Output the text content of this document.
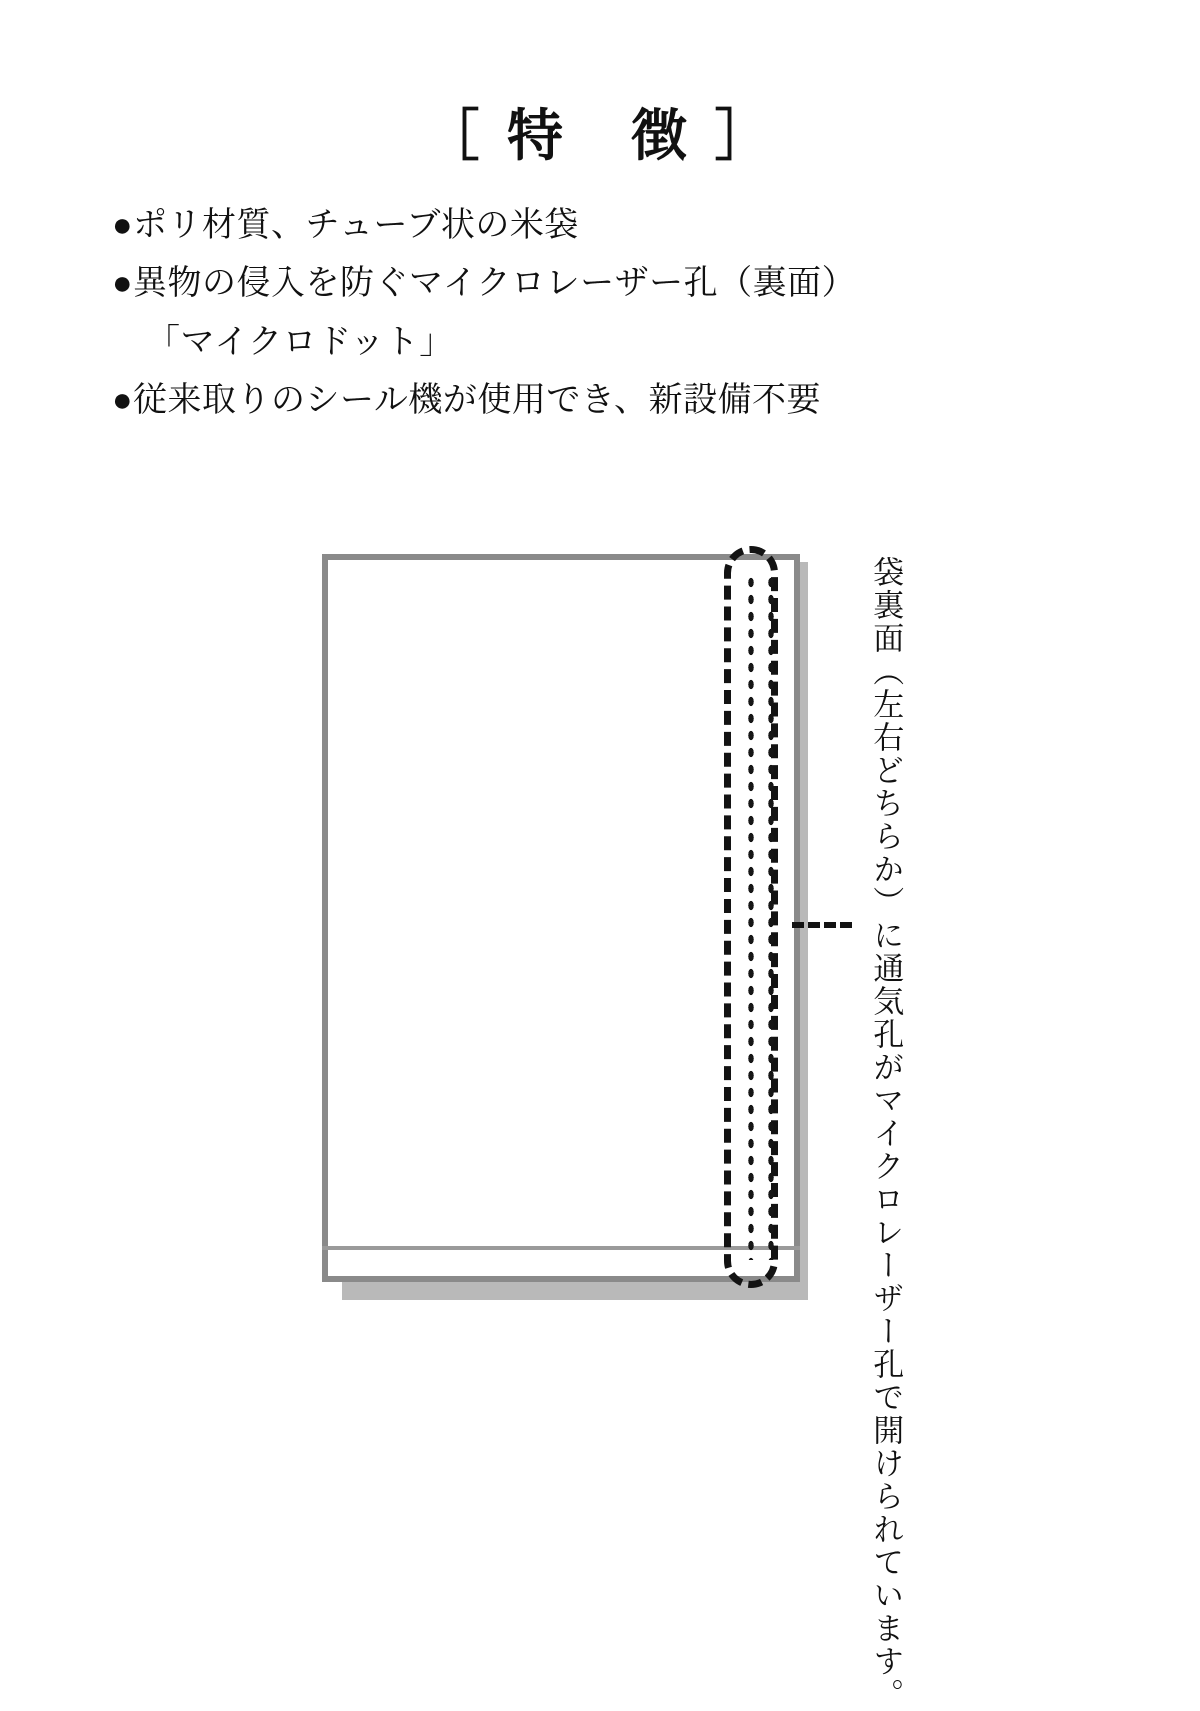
［ 特　徴 ］
●ポリ材質、チューブ状の米袋
●異物の侵入を防ぐマイクロレーザー孔（裏面）
「マイクロドット」
●従来取りのシール機が使用でき、新設備不要
袋裏面（左右どちらか）に通気孔がマイクロレーザー孔で開けられています。
